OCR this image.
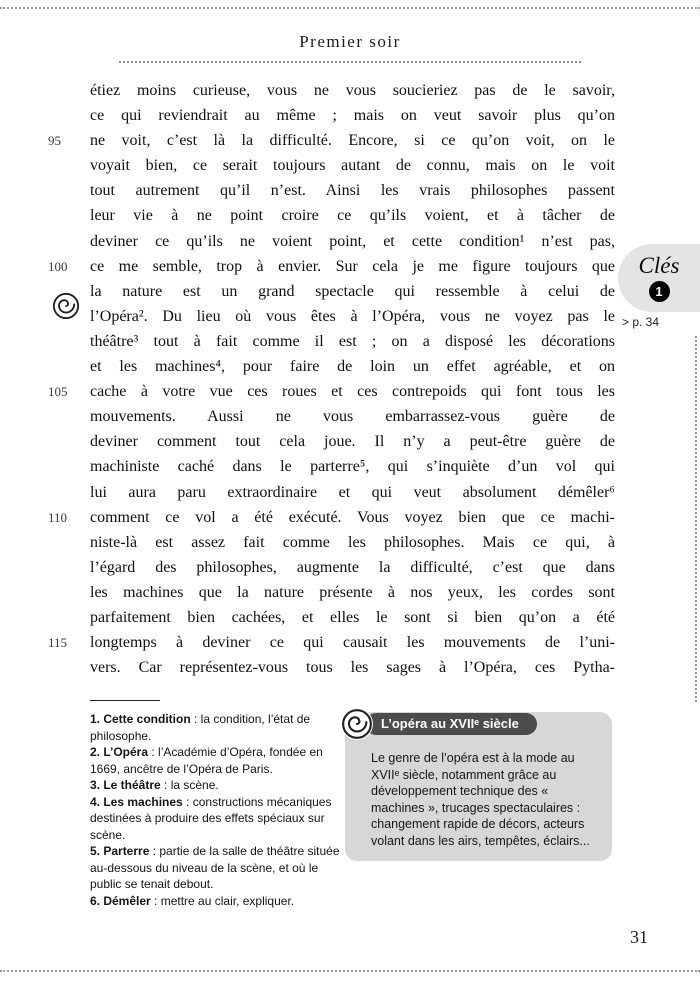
Premier soir
étiez moins curieuse, vous ne vous soucieriez pas de le savoir,
ce qui reviendrait au même ; mais on veut savoir plus qu’on
95	ne voit, c’est là la difficulté. Encore, si ce qu’on voit, on le
voyait bien, ce serait toujours autant de connu, mais on le voit
tout autrement qu’il n’est. Ainsi les vrais philosophes passent
leur vie à ne point croire ce qu’ils voient, et à tâcher de
deviner ce qu’ils ne voient point, et cette condition¹ n’est pas,
100	ce me semble, trop à envier. Sur cela je me figure toujours que
la nature est un grand spectacle qui ressemble à celui de
l’Opéra². Du lieu où vous êtes à l’Opéra, vous ne voyez pas le
théâtre³ tout à fait comme il est ; on a disposé les décorations
et les machines⁴, pour faire de loin un effet agréable, et on
105	cache à votre vue ces roues et ces contrepoids qui font tous les
mouvements. Aussi ne vous embarrassez-vous guère de
deviner comment tout cela joue. Il n’y a peut-être guère de
machiniste caché dans le parterre⁵, qui s’inquiète d’un vol qui
lui aura paru extraordinaire et qui veut absolument démêler⁶
110	comment ce vol a été exécuté. Vous voyez bien que ce machi-
niste-là est assez fait comme les philosophes. Mais ce qui, à
l’égard des philosophes, augmente la difficulté, c’est que dans
les machines que la nature présente à nos yeux, les cordes sont
parfaitement bien cachées, et elles le sont si bien qu’on a été
115	longtemps à deviner ce qui causait les mouvements de l’uni-
vers. Car représentez-vous tous les sages à l’Opéra, ces Pytha-
Clés
1
> p. 34
1. Cette condition : la condition, l’état de philosophe.
2. L’Opéra : l’Académie d’Opéra, fondée en 1669, ancêtre de l’Opéra de Paris.
3. Le théâtre : la scène.
4. Les machines : constructions mécaniques destinées à produire des effets spéciaux sur scène.
5. Parterre : partie de la salle de théâtre située au-dessous du niveau de la scène, et où le public se tenait debout.
6. Démêler : mettre au clair, expliquer.
L’opéra au XVIIᵉ siècle
Le genre de l’opéra est à la mode au XVIIᵉ siècle, notamment grâce au développement technique des « machines », trucages spectaculaires : changement rapide de décors, acteurs volant dans les airs, tempêtes, éclairs...
31
